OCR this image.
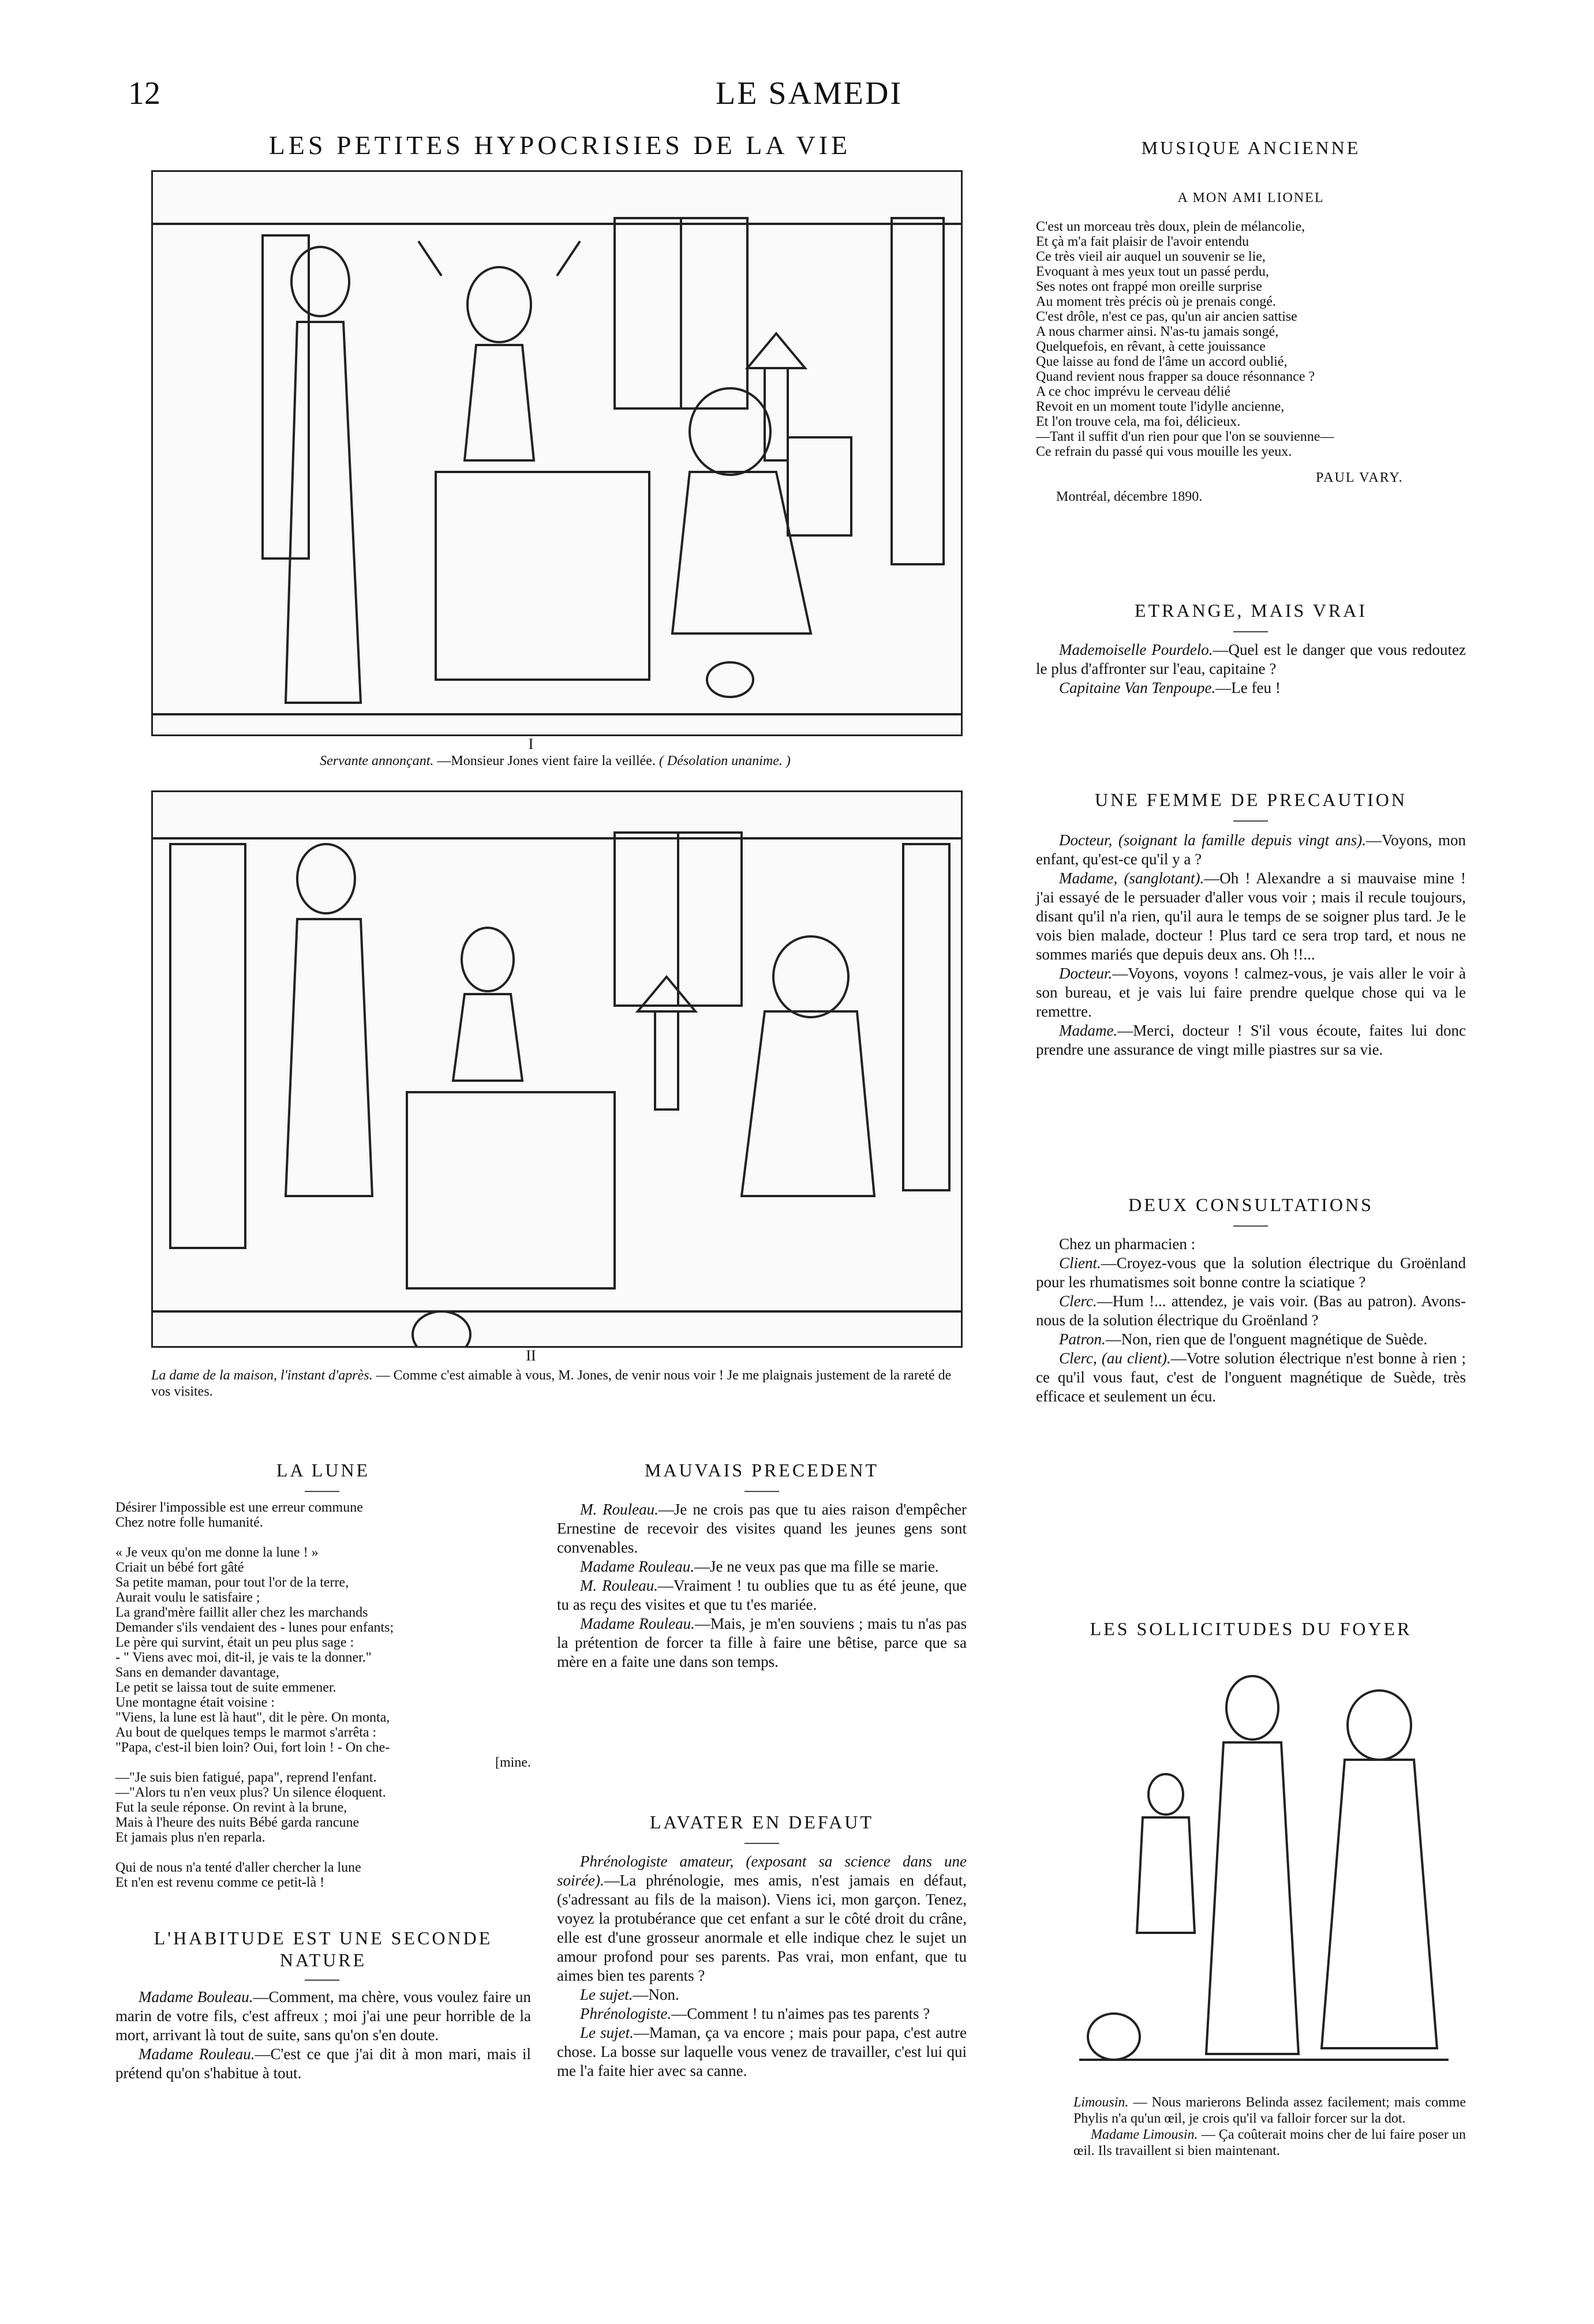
12	LE SAMEDI
LES PETITES HYPOCRISIES DE LA VIE
I
Servante annonçant. —Monsieur Jones vient faire la veillée. ( Désolation unanime. )
II
La dame de la maison, l'instant d'après. — Comme c'est aimable à vous, M. Jones, de venir nous voir ! Je me plaignais justement de la rareté de vos visites.
LA LUNE
Désirer l'impossible est une erreur commune
Chez notre folle humanité.
« Je veux qu'on me donne la lune ! »
Criait un bébé fort gâté
Sa petite maman, pour tout l'or de la terre,
Aurait voulu le satisfaire ;
La grand'mère faillit aller chez les marchands
Demander s'ils vendaient des - lunes pour enfants;
Le père qui survint, était un peu plus sage :
- " Viens avec moi, dit-il, je vais te la donner."
Sans en demander davantage,
Le petit se laissa tout de suite emmener.
Une montagne était voisine :
"Viens, la lune est là haut", dit le père. On monta,
Au bout de quelques temps le marmot s'arrêta :
"Papa, c'est-il bien loin? Oui, fort loin ! - On che-
[mine.
—"Je suis bien fatigué, papa", reprend l'enfant.
—"Alors tu n'en veux plus? Un silence éloquent.
Fut la seule réponse. On revint à la brune,
Mais à l'heure des nuits Bébé garda rancune
Et jamais plus n'en reparla.
Qui de nous n'a tenté d'aller chercher la lune
Et n'en est revenu comme ce petit-là !
L'HABITUDE EST UNE SECONDE
NATURE

Madame Bouleau.—Comment, ma chère, vous voulez faire un marin de votre fils, c'est affreux ; moi j'ai une peur horrible de la mort, arrivant là tout de suite, sans qu'on s'en doute.

Madame Rouleau.—C'est ce que j'ai dit à mon mari, mais il prétend qu'on s'habitue à tout.

MAUVAIS PRECEDENT

M. Rouleau.—Je ne crois pas que tu aies raison d'empêcher Ernestine de recevoir des visites quand les jeunes gens sont convenables.

Madame Rouleau.—Je ne veux pas que ma fille se marie.

M. Rouleau.—Vraiment ! tu oublies que tu as été jeune, que tu as reçu des visites et que tu t'es mariée.

Madame Rouleau.—Mais, je m'en souviens ; mais tu n'as pas la prétention de forcer ta fille à faire une bêtise, parce que sa mère en a faite une dans son temps.

LAVATER EN DEFAUT

Phrénologiste amateur, (exposant sa science dans une soirée).—La phrénologie, mes amis, n'est jamais en défaut, (s'adressant au fils de la maison). Viens ici, mon garçon. Tenez, voyez la protubérance que cet enfant a sur le côté droit du crâne, elle est d'une grosseur anormale et elle indique chez le sujet un amour profond pour ses parents. Pas vrai, mon enfant, que tu aimes bien tes parents ?

Le sujet.—Non.

Phrénologiste.—Comment ! tu n'aimes pas tes parents ?

Le sujet.—Maman, ça va encore ; mais pour papa, c'est autre chose. La bosse sur laquelle vous venez de travailler, c'est lui qui me l'a faite hier avec sa canne.

MUSIQUE ANCIENNE
A MON AMI LIONEL
C'est un morceau très doux, plein de mélancolie,
Et çà m'a fait plaisir de l'avoir entendu
Ce très vieil air auquel un souvenir se lie,
Evoquant à mes yeux tout un passé perdu,
Ses notes ont frappé mon oreille surprise
Au moment très précis où je prenais congé.
C'est drôle, n'est ce pas, qu'un air ancien sattise
A nous charmer ainsi. N'as-tu jamais songé,
Quelquefois, en rêvant, à cette jouissance
Que laisse au fond de l'âme un accord oublié,
Quand revient nous frapper sa douce résonnance ?
A ce choc imprévu le cerveau délié
Revoit en un moment toute l'idylle ancienne,
Et l'on trouve cela, ma foi, délicieux.
—Tant il suffit d'un rien pour que l'on se souvienne—
Ce refrain du passé qui vous mouille les yeux.
PAUL VARY.
Montréal, décembre 1890.
ETRANGE, MAIS VRAI

Mademoiselle Pourdelo.—Quel est le danger que vous redoutez le plus d'affronter sur l'eau, capitaine ?

Capitaine Van Tenpoupe.—Le feu !

UNE FEMME DE PRECAUTION

Docteur, (soignant la famille depuis vingt ans).—Voyons, mon enfant, qu'est-ce qu'il y a ?

Madame, (sanglotant).—Oh ! Alexandre a si mauvaise mine ! j'ai essayé de le persuader d'aller vous voir ; mais il recule toujours, disant qu'il n'a rien, qu'il aura le temps de se soigner plus tard. Je le vois bien malade, docteur ! Plus tard ce sera trop tard, et nous ne sommes mariés que depuis deux ans. Oh !!...

Docteur.—Voyons, voyons ! calmez-vous, je vais aller le voir à son bureau, et je vais lui faire prendre quelque chose qui va le remettre.

Madame.—Merci, docteur ! S'il vous écoute, faites lui donc prendre une assurance de vingt mille piastres sur sa vie.

DEUX CONSULTATIONS

Chez un pharmacien :

Client.—Croyez-vous que la solution électrique du Groënland pour les rhumatismes soit bonne contre la sciatique ?

Clerc.—Hum !... attendez, je vais voir. (Bas au patron). Avons-nous de la solution électrique du Groënland ?

Patron.—Non, rien que de l'onguent magnétique de Suède.

Clerc, (au client).—Votre solution électrique n'est bonne à rien ; ce qu'il vous faut, c'est de l'onguent magnétique de Suède, très efficace et seulement un écu.

LES SOLLICITUDES DU FOYER
Limousin. — Nous marierons Belinda assez facilement; mais comme Phylis n'a qu'un œil, je crois qu'il va falloir forcer sur la dot.
Madame Limousin. — Ça coûterait moins cher de lui faire poser un œil. Ils travaillent si bien maintenant.
